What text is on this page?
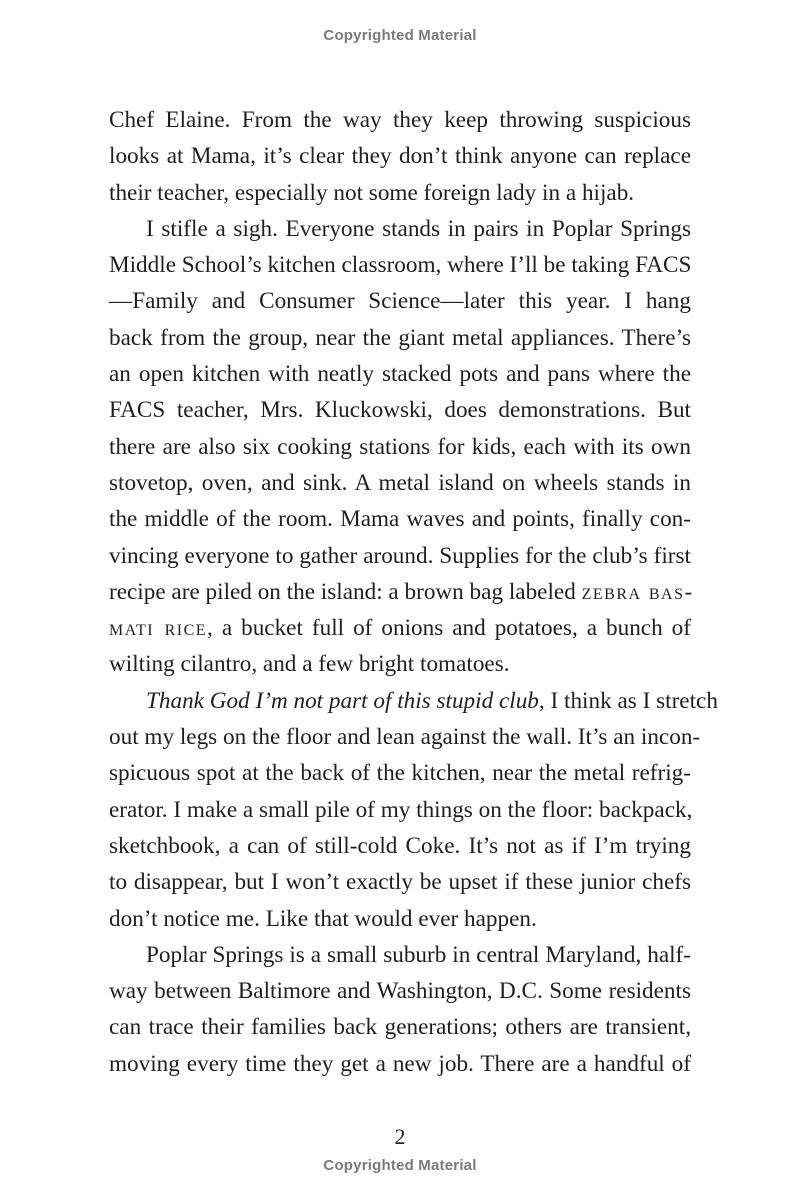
Copyrighted Material
Chef Elaine. From the way they keep throwing suspicious
looks at Mama, it’s clear they don’t think anyone can replace
their teacher, especially not some foreign lady in a hijab.
I stifle a sigh. Everyone stands in pairs in Poplar Springs
Middle School’s kitchen classroom, where I’ll be taking FACS
—Family and Consumer Science—later this year. I hang
back from the group, near the giant metal appliances. There’s
an open kitchen with neatly stacked pots and pans where the
FACS teacher, Mrs. Kluckowski, does demonstrations. But
there are also six cooking stations for kids, each with its own
stovetop, oven, and sink. A metal island on wheels stands in
the middle of the room. Mama waves and points, finally con-
vincing everyone to gather around. Supplies for the club’s first
recipe are piled on the island: a brown bag labeled zebra bas-
mati rice, a bucket full of onions and potatoes, a bunch of
wilting cilantro, and a few bright tomatoes.
Thank God I’m not part of this stupid club, I think as I stretch
out my legs on the floor and lean against the wall. It’s an incon-
spicuous spot at the back of the kitchen, near the metal refrig-
erator. I make a small pile of my things on the floor: backpack,
sketchbook, a can of still-cold Coke. It’s not as if I’m trying
to disappear, but I won’t exactly be upset if these junior chefs
don’t notice me. Like that would ever happen.
Poplar Springs is a small suburb in central Maryland, half-
way between Baltimore and Washington, D.C. Some residents
can trace their families back generations; others are transient,
moving every time they get a new job. There are a handful of
2
Copyrighted Material
